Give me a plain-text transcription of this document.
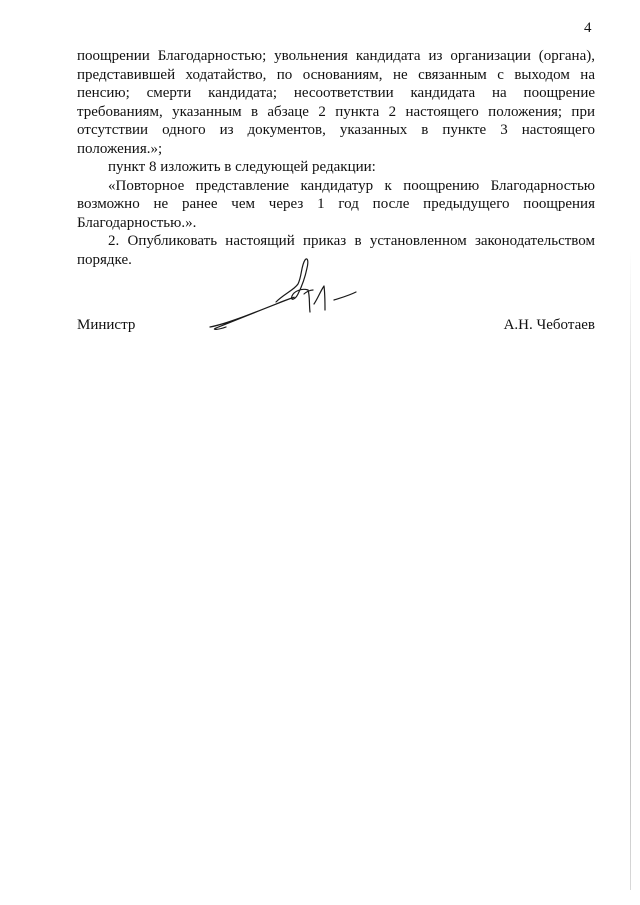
4

поощрении Благодарностью; увольнения кандидата из организации (органа), представившей ходатайство, по основаниям, не связанным с выходом на пенсию; смерти кандидата; несоответствии кандидата на поощрение требованиям, указанным в абзаце 2 пункта 2 настоящего положения; при отсутствии одного из документов, указанных в пункте 3 настоящего положения.»;

пункт 8 изложить в следующей редакции:

«Повторное представление кандидатур к поощрению Благодарностью возможно не ранее чем через 1 год после предыдущего поощрения Благодарностью.».

2. Опубликовать настоящий приказ в установленном законодательством порядке.

Министр	А.Н. Чеботаев
